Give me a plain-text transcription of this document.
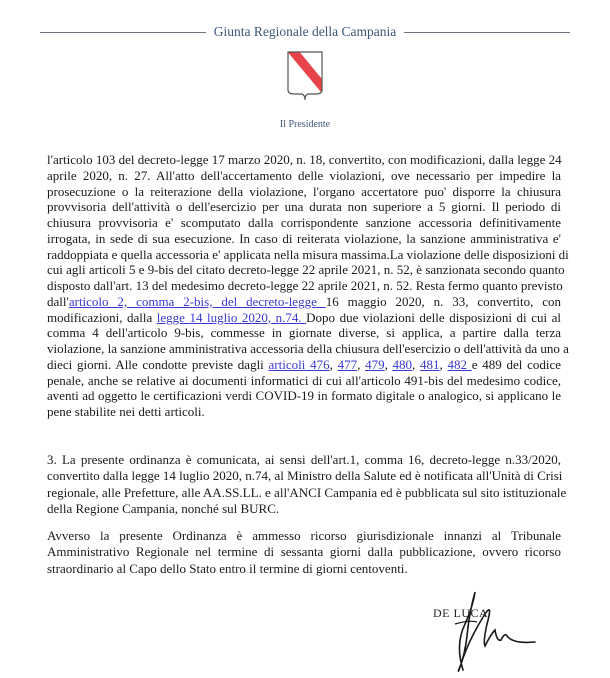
Giunta Regionale della Campania
Il Presidente
l'articolo 103 del decreto-legge 17 marzo 2020, n. 18, convertito, con modificazioni, dalla legge 24
aprile 2020, n. 27. All'atto dell'accertamento delle violazioni, ove necessario per impedire la
prosecuzione o la reiterazione della violazione, l'organo accertatore puo' disporre la chiusura
provvisoria dell'attività o dell'esercizio per una durata non superiore a 5 giorni. Il periodo di
chiusura provvisoria e' scomputato dalla corrispondente sanzione accessoria definitivamente
irrogata, in sede di sua esecuzione. In caso di reiterata violazione, la sanzione amministrativa e'
raddoppiata e quella accessoria e' applicata nella misura massima.La violazione delle disposizioni di
cui agli articoli 5 e 9-bis del citato decreto-legge 22 aprile 2021, n. 52, è sanzionata secondo quanto
disposto dall'art. 13 del medesimo decreto-legge 22 aprile 2021, n. 52. Resta fermo quanto previsto
dall'articolo 2, comma 2-bis, del decreto-legge 16 maggio 2020, n. 33, convertito, con
modificazioni, dalla legge 14 luglio 2020, n.74. Dopo due violazioni delle disposizioni di cui al
comma 4 dell'articolo 9-bis, commesse in giornate diverse, si applica, a partire dalla terza
violazione, la sanzione amministrativa accessoria della chiusura dell'esercizio o dell'attività da uno a
dieci giorni. Alle condotte previste dagli articoli 476, 477, 479, 480, 481, 482 e 489 del codice
penale, anche se relative ai documenti informatici di cui all'articolo 491-bis del medesimo codice,
aventi ad oggetto le certificazioni verdi COVID-19 in formato digitale o analogico, si applicano le
pene stabilite nei detti articoli.
3. La presente ordinanza è comunicata, ai sensi dell'art.1, comma 16, decreto-legge n.33/2020,
convertito dalla legge 14 luglio 2020, n.74, al Ministro della Salute ed è notificata all'Unità di Crisi
regionale, alle Prefetture, alle AA.SS.LL. e all'ANCI Campania ed è pubblicata sul sito istituzionale
della Regione Campania, nonché sul BURC.
Avverso la presente Ordinanza è ammesso ricorso giurisdizionale innanzi al Tribunale
Amministrativo Regionale nel termine di sessanta giorni dalla pubblicazione, ovvero ricorso
straordinario al Capo dello Stato entro il termine di giorni centoventi.
DE LUCA
